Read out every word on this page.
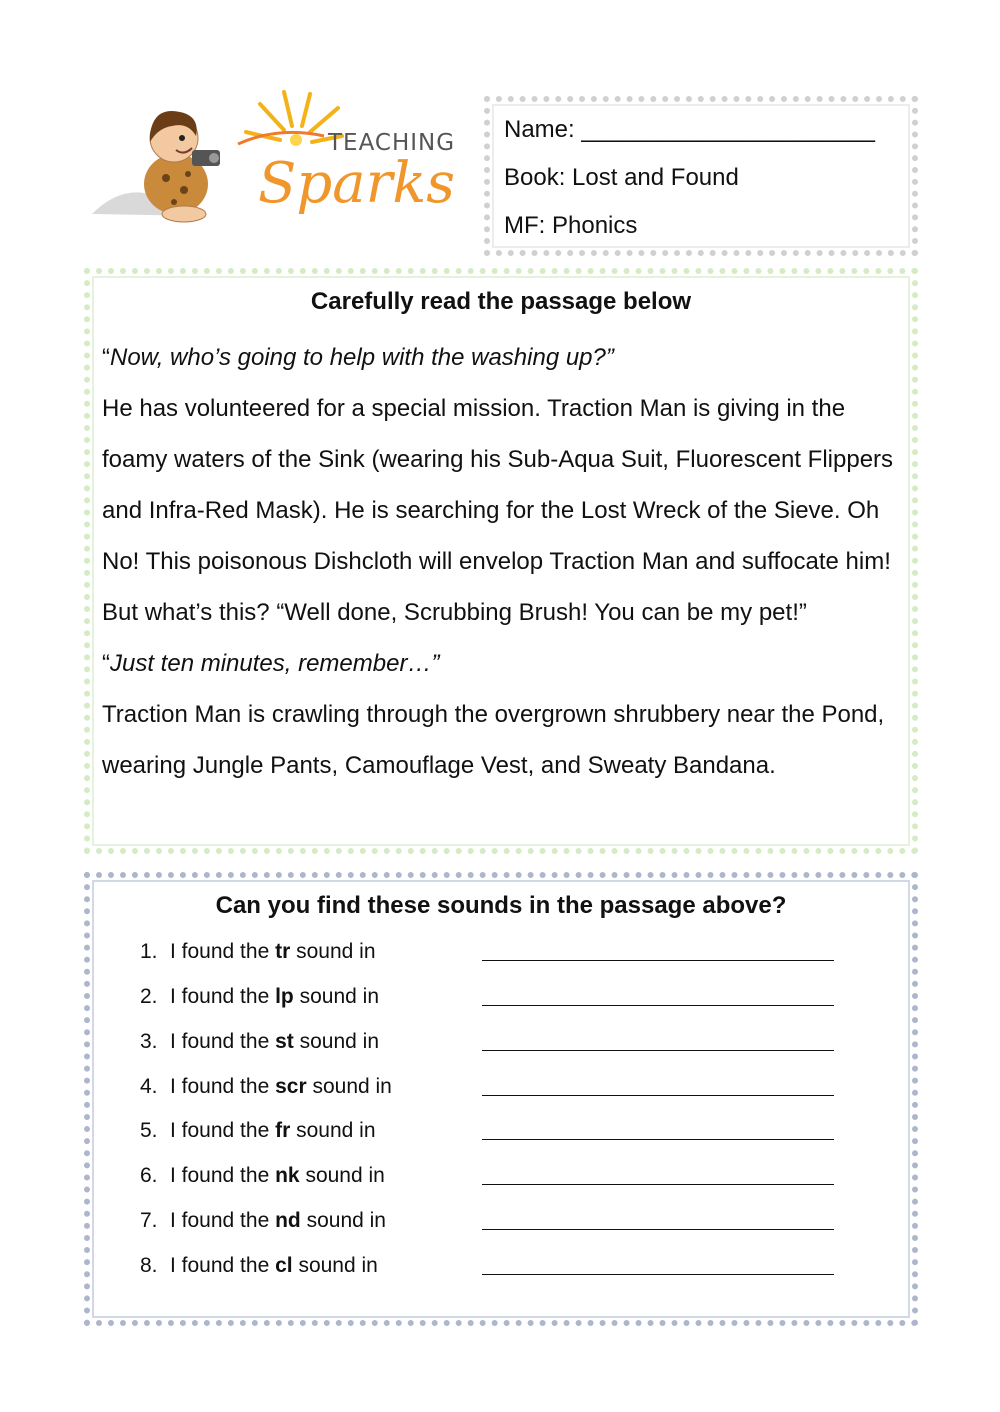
TEACHING
Sparks
Name: ______________________
Book: Lost and Found
MF: Phonics
Carefully read the passage below

“Now, who’s going to help with the washing up?”

He has volunteered for a special mission. Traction Man is giving in the foamy waters of the Sink (wearing his Sub-Aqua Suit, Fluorescent Flippers and Infra-Red Mask). He is searching for the Lost Wreck of the Sieve. Oh No! This poisonous Dishcloth will envelop Traction Man and suffocate him! But what’s this? “Well done, Scrubbing Brush! You can be my pet!”

“Just ten minutes, remember…”

Traction Man is crawling through the overgrown shrubbery near the Pond, wearing Jungle Pants, Camouflage Vest, and Sweaty Bandana.

Can you find these sounds in the passage above?
1. I found the tr sound in
2. I found the lp sound in
3. I found the st sound in
4. I found the scr sound in
5. I found the fr sound in
6. I found the nk sound in
7. I found the nd sound in
8. I found the cl sound in
